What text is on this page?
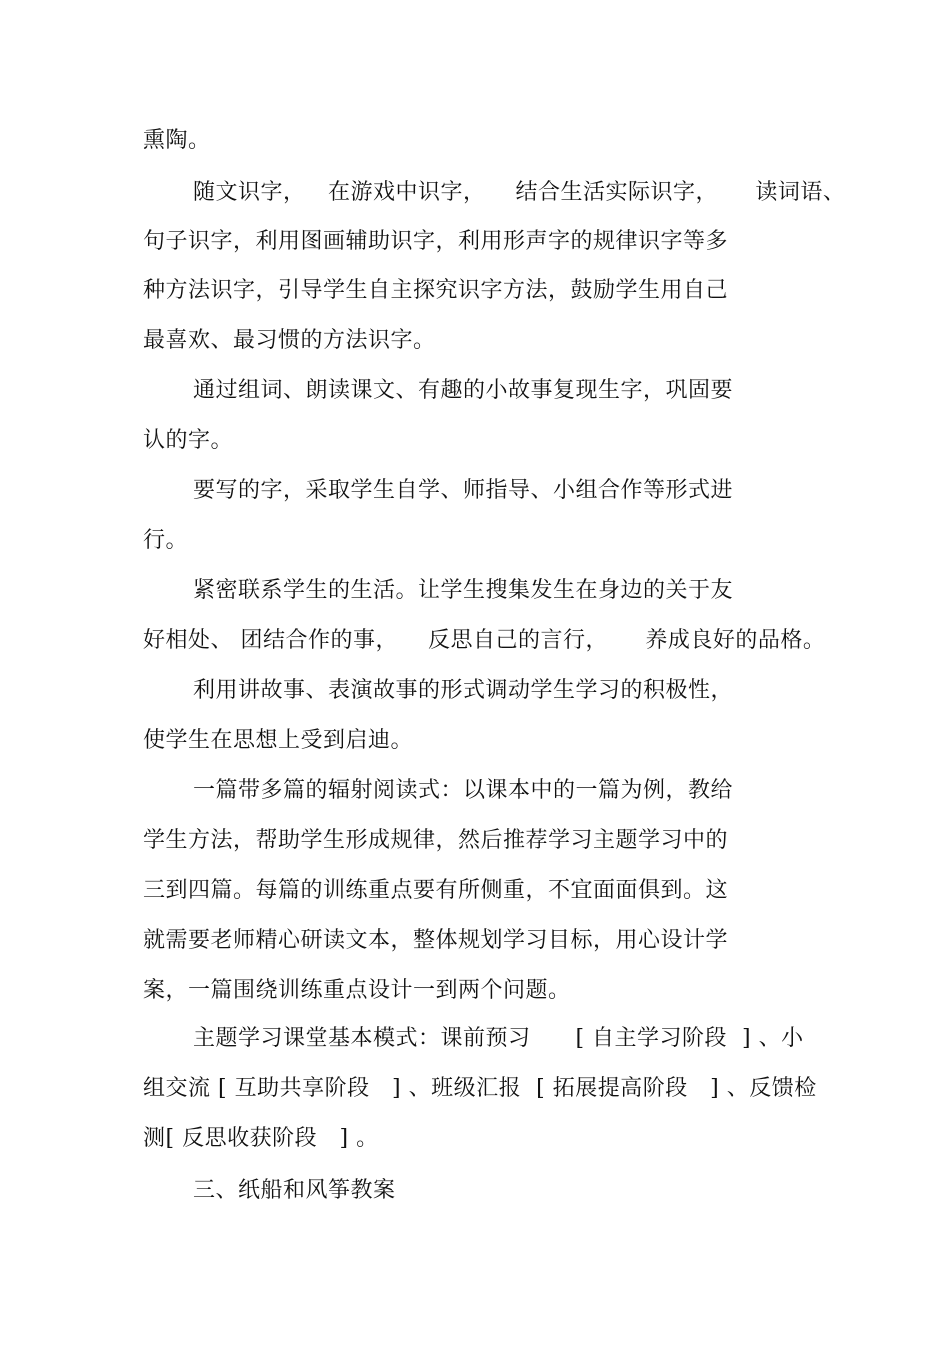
熏陶。
随文识字，   在游戏中识字，    结合生活实际识字，     读词语、
句子识字，利用图画辅助识字，利用形声字的规律识字等多
种方法识字，引导学生自主探究识字方法，鼓励学生用自己
最喜欢、最习惯的方法识字。
通过组词、朗读课文、有趣的小故事复现生字，巩固要
认的字。
要写的字，采取学生自学、师指导、小组合作等形式进
行。
紧密联系学生的生活。让学生搜集发生在身边的关于友
好相处、 团结合作的事，    反思自己的言行，     养成良好的品格。
利用讲故事、表演故事的形式调动学生学习的积极性，
使学生在思想上受到启迪。
一篇带多篇的辐射阅读式：以课本中的一篇为例，教给
学生方法，帮助学生形成规律，然后推荐学习主题学习中的
三到四篇。每篇的训练重点要有所侧重，不宜面面俱到。这
就需要老师精心研读文本，整体规划学习目标，用心设计学
案，一篇围绕训练重点设计一到两个问题。
主题学习课堂基本模式：课前预习      [ 自主学习阶段  ] 、小
组交流 [ 互助共享阶段   ] 、班级汇报  [ 拓展提高阶段   ] 、反馈检
测[ 反思收获阶段   ] 。
三、纸船和风筝教案
